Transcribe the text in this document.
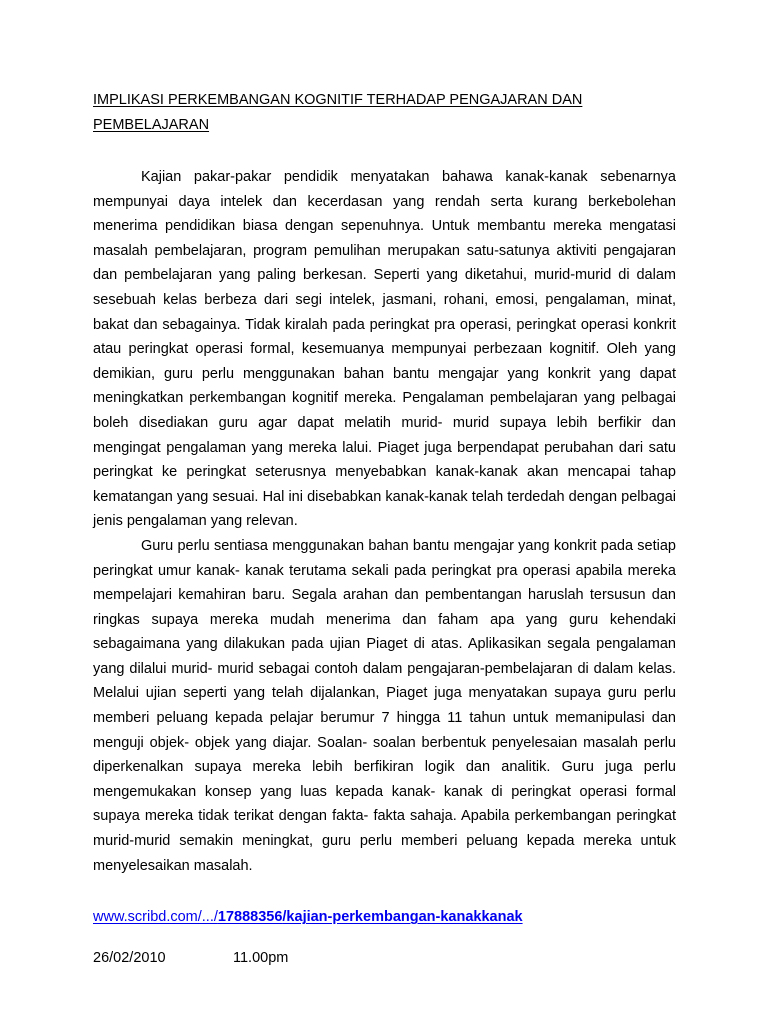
IMPLIKASI PERKEMBANGAN KOGNITIF TERHADAP PENGAJARAN DAN
PEMBELAJARAN

Kajian pakar-pakar pendidik menyatakan bahawa kanak-kanak sebenarnya mempunyai daya intelek dan kecerdasan yang rendah serta kurang berkebolehan menerima pendidikan biasa dengan sepenuhnya. Untuk membantu mereka mengatasi masalah pembelajaran, program pemulihan merupakan satu-satunya aktiviti pengajaran dan pembelajaran yang paling berkesan. Seperti yang diketahui, murid-murid di dalam sesebuah kelas berbeza dari segi intelek, jasmani, rohani, emosi, pengalaman, minat, bakat dan sebagainya. Tidak kiralah pada peringkat pra operasi, peringkat operasi konkrit atau peringkat operasi formal, kesemuanya mempunyai perbezaan kognitif. Oleh yang demikian, guru perlu menggunakan bahan bantu mengajar yang konkrit yang dapat meningkatkan perkembangan kognitif mereka. Pengalaman pembelajaran yang pelbagai boleh disediakan guru agar dapat melatih murid- murid supaya lebih berfikir dan mengingat pengalaman yang mereka lalui. Piaget juga berpendapat perubahan dari satu peringkat ke peringkat seterusnya menyebabkan kanak-kanak akan mencapai tahap kematangan yang sesuai. Hal ini disebabkan kanak-kanak telah terdedah dengan pelbagai jenis pengalaman yang relevan.

Guru perlu sentiasa menggunakan bahan bantu mengajar yang konkrit pada setiap peringkat umur kanak- kanak terutama sekali pada peringkat pra operasi apabila mereka mempelajari kemahiran baru. Segala arahan dan pembentangan haruslah tersusun dan ringkas supaya mereka mudah menerima dan faham apa yang guru kehendaki sebagaimana yang dilakukan pada ujian Piaget di atas. Aplikasikan segala pengalaman yang dilalui murid- murid sebagai contoh dalam pengajaran-pembelajaran di dalam kelas. Melalui ujian seperti yang telah dijalankan, Piaget juga menyatakan supaya guru perlu memberi peluang kepada pelajar berumur 7 hingga 11 tahun untuk memanipulasi dan menguji objek- objek yang diajar. Soalan- soalan berbentuk penyelesaian masalah perlu diperkenalkan supaya mereka lebih berfikiran logik dan analitik. Guru juga perlu mengemukakan konsep yang luas kepada kanak- kanak di peringkat operasi formal supaya mereka tidak terikat dengan fakta- fakta sahaja. Apabila perkembangan peringkat murid-murid semakin meningkat, guru perlu memberi peluang kepada mereka untuk menyelesaikan masalah.

www.scribd.com/.../17888356/kajian-perkembangan-kanakkanak
26/02/2010	11.00pm
